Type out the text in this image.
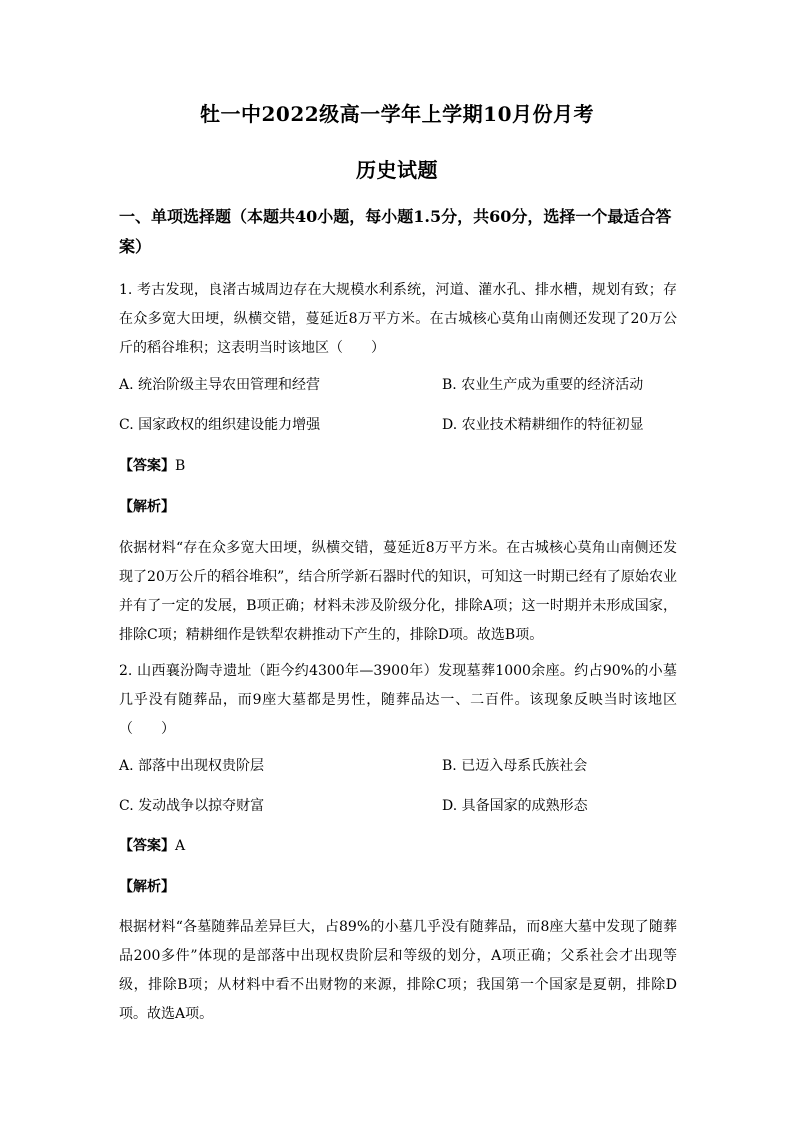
牡一中2022级高一学年上学期10月份月考
历史试题
一、单项选择题（本题共40小题，每小题1.5分，共60分，选择一个最适合答案）
1. 考古发现，良渚古城周边存在大规模水利系统，河道、灌水孔、排水槽，规划有致；存在众多宽大田埂，纵横交错，蔓延近8万平方米。在古城核心莫角山南侧还发现了20万公斤的稻谷堆积；这表明当时该地区（　　）
A. 统治阶级主导农田管理和经营	B. 农业生产成为重要的经济活动
C. 国家政权的组织建设能力增强	D. 农业技术精耕细作的特征初显
【答案】B
【解析】
依据材料“存在众多宽大田埂，纵横交错，蔓延近8万平方米。在古城核心莫角山南侧还发现了20万公斤的稻谷堆积”，结合所学新石器时代的知识，可知这一时期已经有了原始农业并有了一定的发展，B项正确；材料未涉及阶级分化，排除A项；这一时期并未形成国家，排除C项；精耕细作是铁犁农耕推动下产生的，排除D项。故选B项。
2. 山西襄汾陶寺遗址（距今约4300年—3900年）发现墓葬1000余座。约占90%的小墓几乎没有随葬品，而9座大墓都是男性，随葬品达一、二百件。该现象反映当时该地区（　　）
A. 部落中出现权贵阶层	B. 已迈入母系氏族社会
C. 发动战争以掠夺财富	D. 具备国家的成熟形态
【答案】A
【解析】
根据材料“各墓随葬品差异巨大，占89%的小墓几乎没有随葬品，而8座大墓中发现了随葬品200多件”体现的是部落中出现权贵阶层和等级的划分，A项正确；父系社会才出现等级，排除B项；从材料中看不出财物的来源，排除C项；我国第一个国家是夏朝，排除D项。故选A项。
